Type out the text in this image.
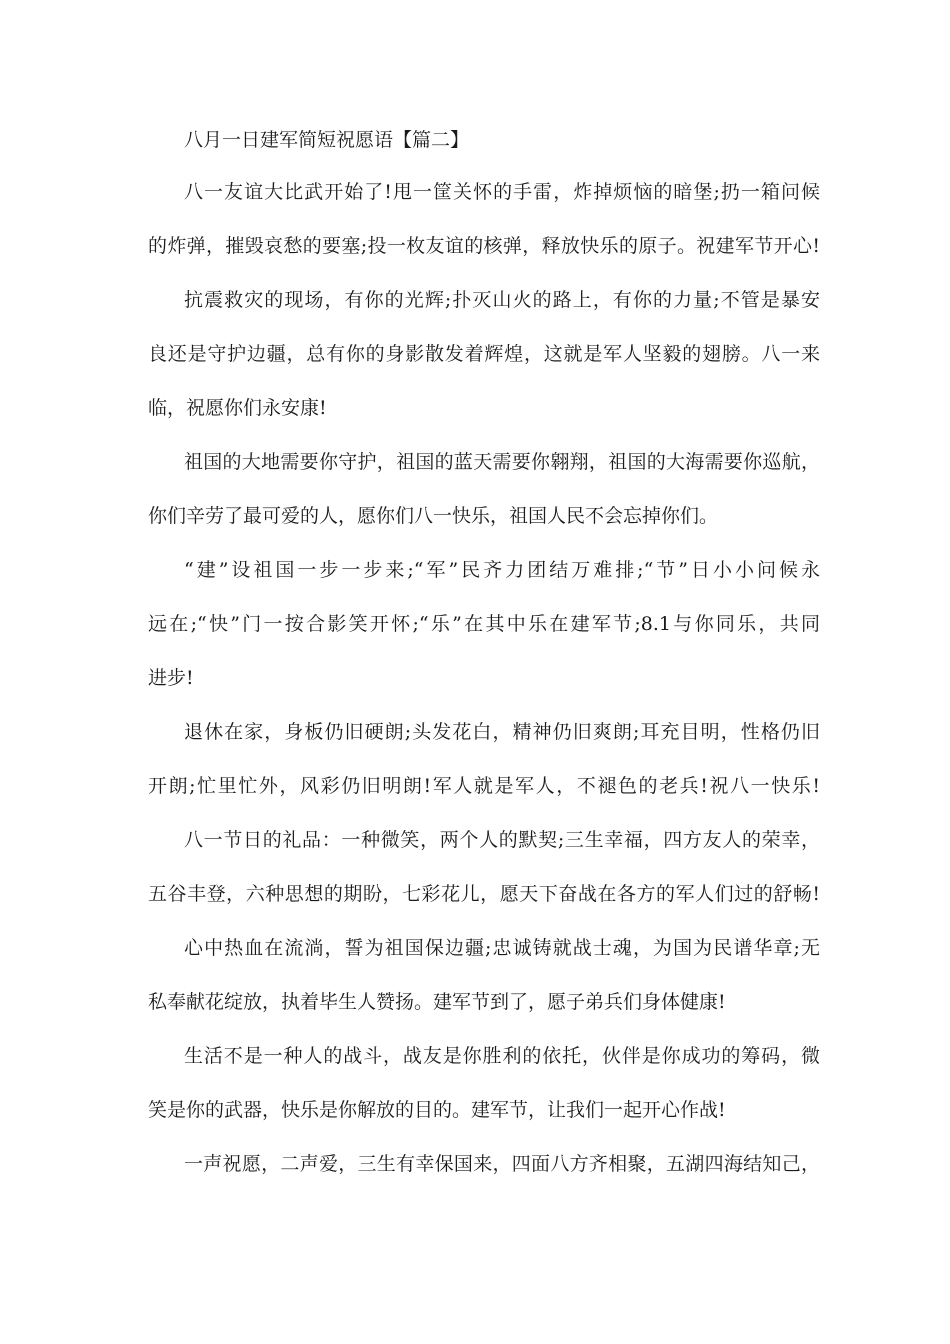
八月一日建军简短祝愿语【篇二】
八一友谊大比武开始了!甩一筐关怀的手雷，炸掉烦恼的暗堡;扔一箱问候
的炸弹，摧毁哀愁的要塞;投一枚友谊的核弹，释放快乐的原子。祝建军节开心!
抗震救灾的现场，有你的光辉;扑灭山火的路上，有你的力量;不管是暴安
良还是守护边疆，总有你的身影散发着辉煌，这就是军人坚毅的翅膀。八一来
临，祝愿你们永安康!
祖国的大地需要你守护，祖国的蓝天需要你翱翔，祖国的大海需要你巡航，
你们辛劳了最可爱的人，愿你们八一快乐，祖国人民不会忘掉你们。
“建”设祖国一步一步来;“军”民齐力团结万难排;“节”日小小问候永
远在;“快”门一按合影笑开怀;“乐”在其中乐在建军节;8.1与你同乐，共同
进步!
退休在家，身板仍旧硬朗;头发花白，精神仍旧爽朗;耳充目明，性格仍旧
开朗;忙里忙外，风彩仍旧明朗!军人就是军人，不褪色的老兵!祝八一快乐!
八一节日的礼品：一种微笑，两个人的默契;三生幸福，四方友人的荣幸，
五谷丰登，六种思想的期盼，七彩花儿，愿天下奋战在各方的军人们过的舒畅!
心中热血在流淌，誓为祖国保边疆;忠诚铸就战士魂，为国为民谱华章;无
私奉献花绽放，执着毕生人赞扬。建军节到了，愿子弟兵们身体健康!
生活不是一种人的战斗，战友是你胜利的依托，伙伴是你成功的筹码，微
笑是你的武器，快乐是你解放的目的。建军节，让我们一起开心作战!
一声祝愿，二声爱，三生有幸保国来，四面八方齐相聚，五湖四海结知己，
